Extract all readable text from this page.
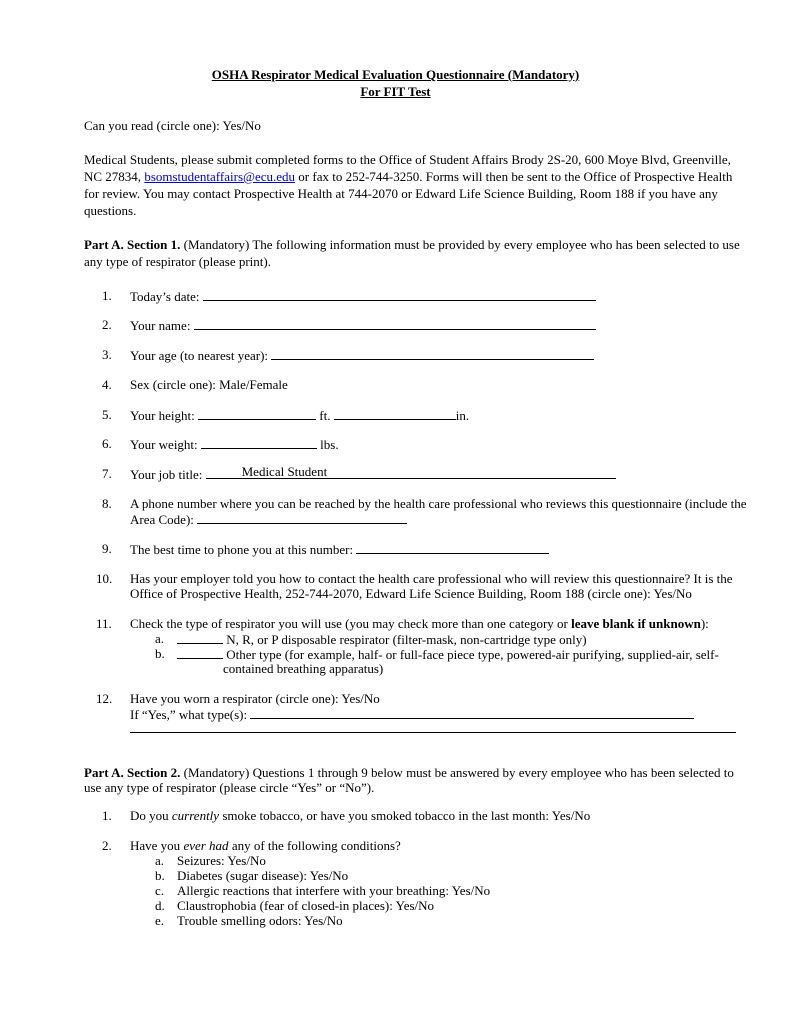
OSHA Respirator Medical Evaluation Questionnaire (Mandatory)
For FIT Test
Can you read (circle one): Yes/No
Medical Students, please submit completed forms to the Office of Student Affairs Brody 2S-20, 600 Moye Blvd, Greenville,
NC 27834, bsomstudentaffairs@ecu.edu or fax to 252-744-3250. Forms will then be sent to the Office of Prospective Health
for review. You may contact Prospective Health at 744-2070 or Edward Life Science Building, Room 188 if you have any
questions.
Part A. Section 1. (Mandatory) The following information must be provided by every employee who has been selected to use
any type of respirator (please print).
1. Today’s date:
2. Your name:
3. Your age (to nearest year):
4. Sex (circle one): Male/Female
5. Your height:	ft.	in.
6. Your weight:	lbs.
7. Your job title:	Medical Student
8. A phone number where you can be reached by the health care professional who reviews this questionnaire (include the
Area Code):
9. The best time to phone you at this number:
10. Has your employer told you how to contact the health care professional who will review this questionnaire? It is the
Office of Prospective Health, 252-744-2070, Edward Life Science Building, Room 188 (circle one): Yes/No
11. Check the type of respirator you will use (you may check more than one category or leave blank if unknown):
a.	N, R, or P disposable respirator (filter-mask, non-cartridge type only)
b.	Other type (for example, half- or full-face piece type, powered-air purifying, supplied-air, self-
contained breathing apparatus)
12. Have you worn a respirator (circle one): Yes/No
If “Yes,” what type(s):
Part A. Section 2. (Mandatory) Questions 1 through 9 below must be answered by every employee who has been selected to
use any type of respirator (please circle “Yes” or “No”).
1. Do you currently smoke tobacco, or have you smoked tobacco in the last month: Yes/No
2. Have you ever had any of the following conditions?
a. Seizures: Yes/No
b. Diabetes (sugar disease): Yes/No
c. Allergic reactions that interfere with your breathing: Yes/No
d. Claustrophobia (fear of closed-in places): Yes/No
e. Trouble smelling odors: Yes/No
